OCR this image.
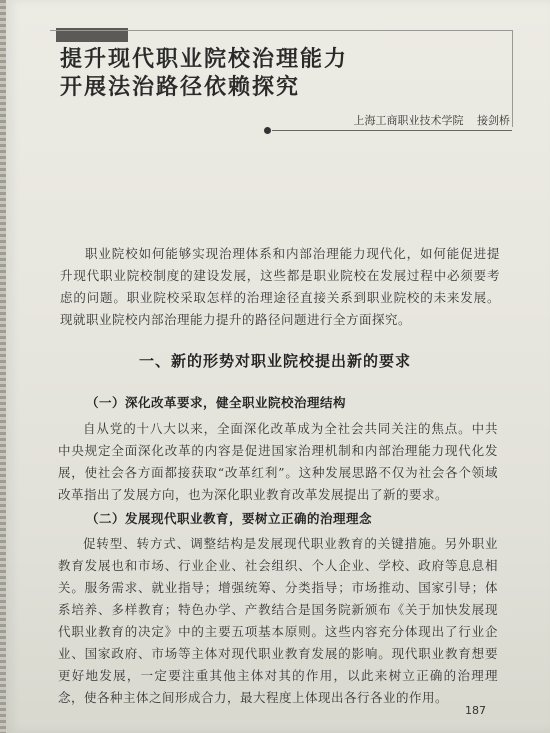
提升现代职业院校治理能力
开展法治路径依赖探究
上海工商职业技术学院 接剑桥

职业院校如何能够实现治理体系和内部治理能力现代化，如何能促进提升现代职业院校制度的建设发展，这些都是职业院校在发展过程中必须要考虑的问题。职业院校采取怎样的治理途径直接关系到职业院校的未来发展。现就职业院校内部治理能力提升的路径问题进行全方面探究。

一、新的形势对职业院校提出新的要求
（一）深化改革要求，健全职业院校治理结构

自从党的十八大以来，全面深化改革成为全社会共同关注的焦点。中共中央规定全面深化改革的内容是促进国家治理机制和内部治理能力现代化发展，使社会各方面都接获取“改革红利”。这种发展思路不仅为社会各个领域改革指出了发展方向，也为深化职业教育改革发展提出了新的要求。

（二）发展现代职业教育，要树立正确的治理理念

促转型、转方式、调整结构是发展现代职业教育的关键措施。另外职业教育发展也和市场、行业企业、社会组织、个人企业、学校、政府等息息相关。服务需求、就业指导；增强统筹、分类指导；市场推动、国家引导；体系培养、多样教育；特色办学、产教结合是国务院新颁布《关于加快发展现代职业教育的决定》中的主要五项基本原则。这些内容充分体现出了行业企业、国家政府、市场等主体对现代职业教育发展的影响。现代职业教育想要更好地发展，一定要注重其他主体对其的作用，以此来树立正确的治理理念，使各种主体之间形成合力，最大程度上体现出各行各业的作用。

187
